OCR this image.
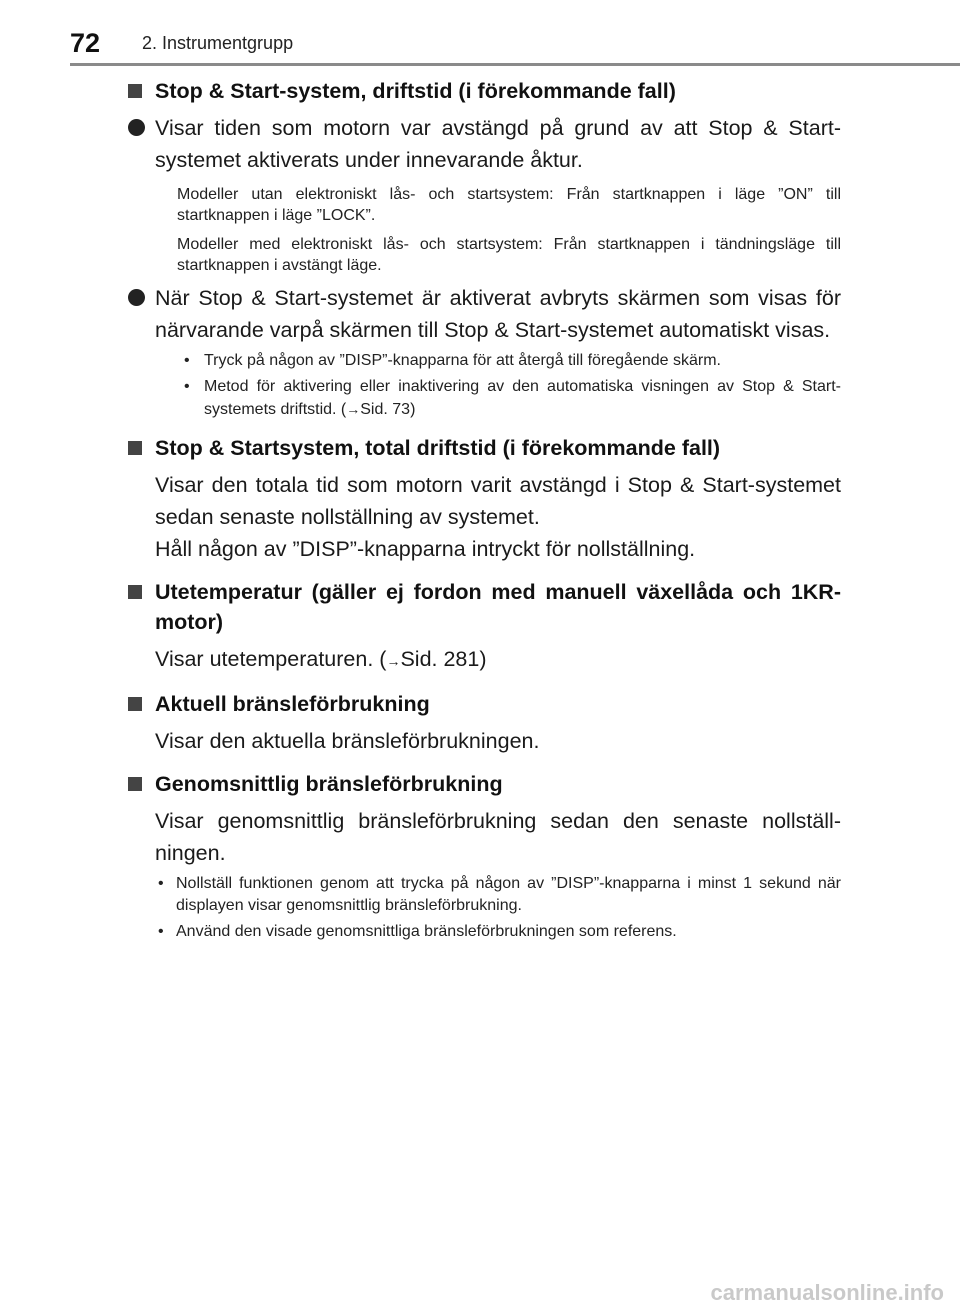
72 2. Instrumentgrupp
Stop & Start-system, driftstid (i förekommande fall)
Visar tiden som motorn var avstängd på grund av att Stop & Start-systemet aktiverats under innevarande åktur.
Modeller utan elektroniskt lås- och startsystem: Från startknappen i läge ”ON” till startknappen i läge ”LOCK”.
Modeller med elektroniskt lås- och startsystem: Från startknappen i tändningsläge till startknappen i avstängt läge.
När Stop & Start-systemet är aktiverat avbryts skärmen som visas för närvarande varpå skärmen till Stop & Start-systemet automatiskt visas.
• Tryck på någon av ”DISP”-knapparna för att återgå till föregående skärm.
• Metod för aktivering eller inaktivering av den automatiska visningen av Stop & Start-systemets driftstid. (→Sid. 73)
Stop & Startsystem, total driftstid (i förekommande fall)
Visar den totala tid som motorn varit avstängd i Stop & Start-systemet sedan senaste nollställning av systemet.
Håll någon av ”DISP”-knapparna intryckt för nollställning.
Utetemperatur (gäller ej fordon med manuell växellåda och 1KR-motor)
Visar utetemperaturen. (→Sid. 281)
Aktuell bränsleförbrukning
Visar den aktuella bränsleförbrukningen.
Genomsnittlig bränsleförbrukning
Visar genomsnittlig bränsleförbrukning sedan den senaste nollställ-ningen.
• Nollställ funktionen genom att trycka på någon av ”DISP”-knapparna i minst 1 sekund när displayen visar genomsnittlig bränsleförbrukning.
• Använd den visade genomsnittliga bränsleförbrukningen som referens.
carmanualsonline.info
